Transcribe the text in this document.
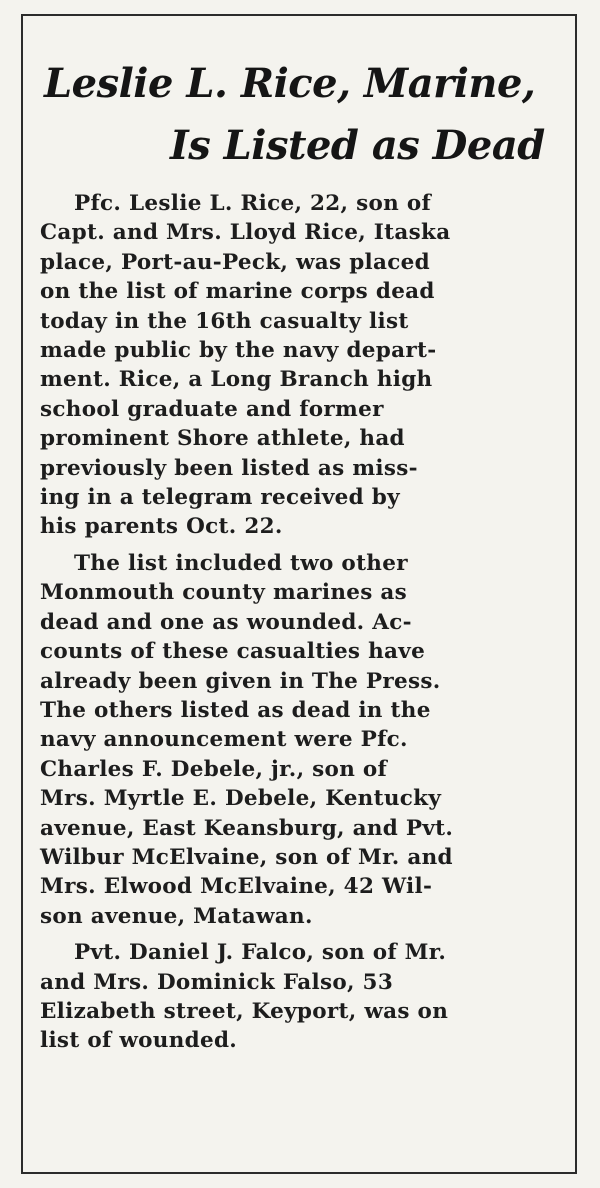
Leslie L. Rice, Marine,
Is Listed as Dead

Pfc. Leslie L. Rice, 22, son of
Capt. and Mrs. Lloyd Rice, Itaska
place, Port-au-Peck, was placed
on the list of marine corps dead
today in the 16th casualty list
made public by the navy depart-
ment. Rice, a Long Branch high
school graduate and former
prominent Shore athlete, had
previously been listed as miss-
ing in a telegram received by
his parents Oct. 22.

The list included two other
Monmouth county marines as
dead and one as wounded. Ac-
counts of these casualties have
already been given in The Press.
The others listed as dead in the
navy announcement were Pfc.
Charles F. Debele, jr., son of
Mrs. Myrtle E. Debele, Kentucky
avenue, East Keansburg, and Pvt.
Wilbur McElvaine, son of Mr. and
Mrs. Elwood McElvaine, 42 Wil-
son avenue, Matawan.

Pvt. Daniel J. Falco, son of Mr.
and Mrs. Dominick Falso, 53
Elizabeth street, Keyport, was on
list of wounded.
